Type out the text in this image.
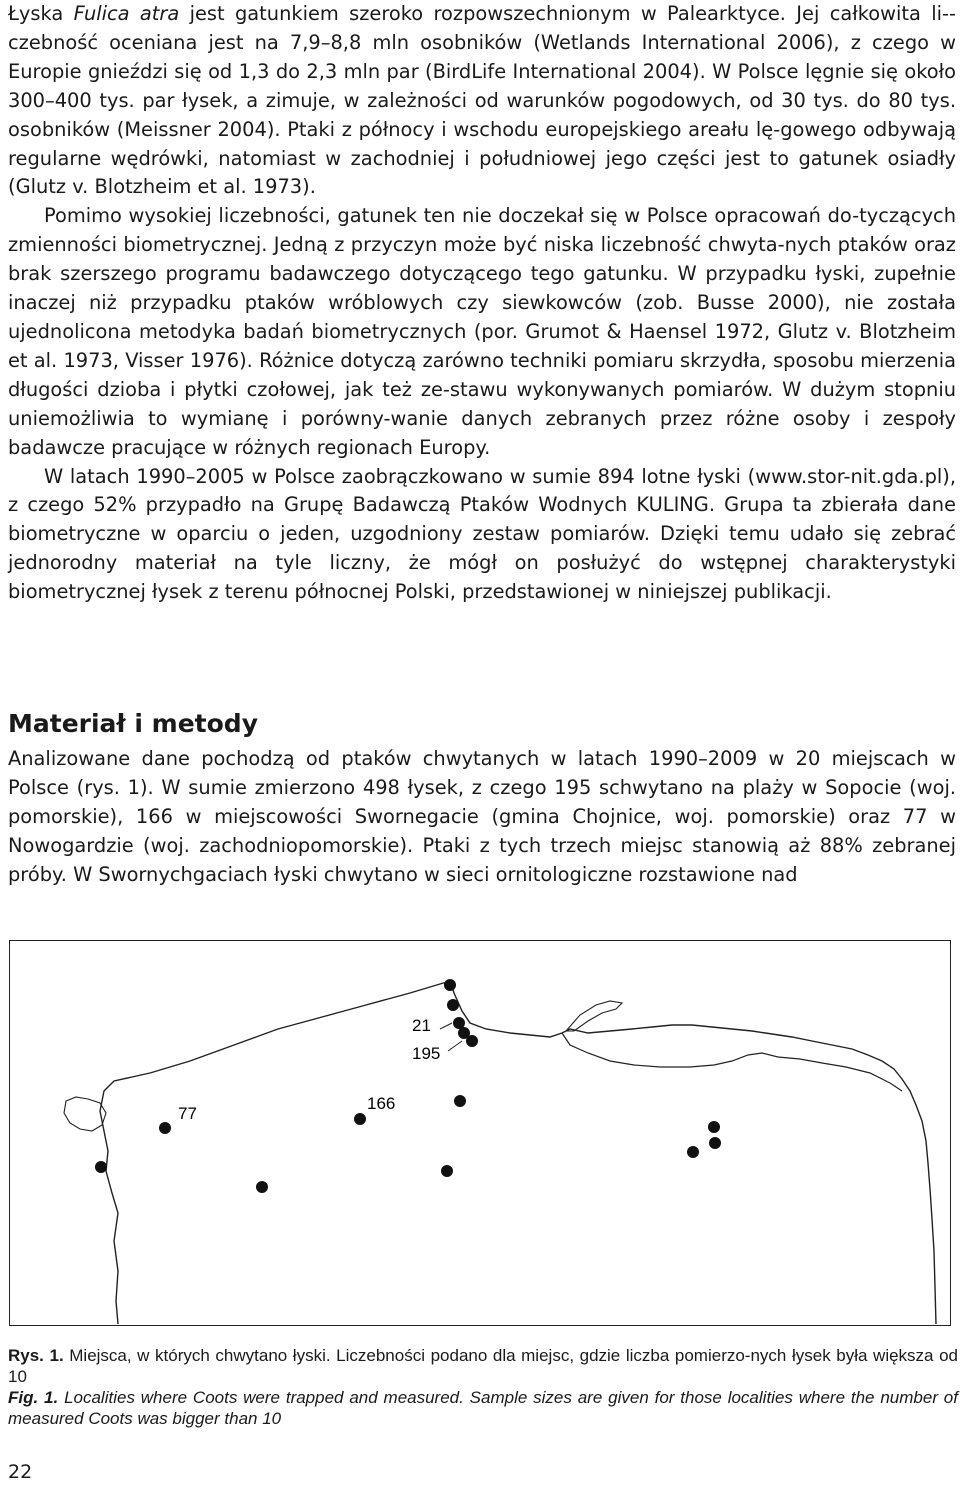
Łyska Fulica atra jest gatunkiem szeroko rozpowszechnionym w Palearktyce. Jej całkowita li-czebność oceniana jest na 7,9–8,8 mln osobników (Wetlands International 2006), z czego w Europie gnieździ się od 1,3 do 2,3 mln par (BirdLife International 2004). W Polsce lęgnie się około 300–400 tys. par łysek, a zimuje, w zależności od warunków pogodowych, od 30 tys. do 80 tys. osobników (Meissner 2004). Ptaki z północy i wschodu europejskiego areału lę-gowego odbywają regularne wędrówki, natomiast w zachodniej i południowej jego części jest to gatunek osiadły (Glutz v. Blotzheim et al. 1973).

Pomimo wysokiej liczebności, gatunek ten nie doczekał się w Polsce opracowań do-tyczących zmienności biometrycznej. Jedną z przyczyn może być niska liczebność chwyta-nych ptaków oraz brak szerszego programu badawczego dotyczącego tego gatunku. W przypadku łyski, zupełnie inaczej niż przypadku ptaków wróblowych czy siewkowców (zob. Busse 2000), nie została ujednolicona metodyka badań biometrycznych (por. Grumot & Haensel 1972, Glutz v. Blotzheim et al. 1973, Visser 1976). Różnice dotyczą zarówno techniki pomiaru skrzydła, sposobu mierzenia długości dzioba i płytki czołowej, jak też ze-stawu wykonywanych pomiarów. W dużym stopniu uniemożliwia to wymianę i porówny-wanie danych zebranych przez różne osoby i zespoły badawcze pracujące w różnych regionach Europy.

W latach 1990–2005 w Polsce zaobrączkowano w sumie 894 lotne łyski (www.stor-nit.gda.pl), z czego 52% przypadło na Grupę Badawczą Ptaków Wodnych KULING. Grupa ta zbierała dane biometryczne w oparciu o jeden, uzgodniony zestaw pomiarów. Dzięki temu udało się zebrać jednorodny materiał na tyle liczny, że mógł on posłużyć do wstępnej charakterystyki biometrycznej łysek z terenu północnej Polski, przedstawionej w niniejszej publikacji.

Materiał i metody

Analizowane dane pochodzą od ptaków chwytanych w latach 1990–2009 w 20 miejscach w Polsce (rys. 1). W sumie zmierzono 498 łysek, z czego 195 schwytano na plaży w Sopocie (woj. pomorskie), 166 w miejscowości Swornegacie (gmina Chojnice, woj. pomorskie) oraz 77 w Nowogardzie (woj. zachodniopomorskie). Ptaki z tych trzech miejsc stanowią aż 88% zebranej próby. W Swornychgaciach łyski chwytano w sieci ornitologiczne rozstawione nad

21
195
166
77

Rys. 1. Miejsca, w których chwytano łyski. Liczebności podano dla miejsc, gdzie liczba pomierzo-nych łysek była większa od 10

Fig. 1. Localities where Coots were trapped and measured. Sample sizes are given for those localities where the number of measured Coots was bigger than 10

22
